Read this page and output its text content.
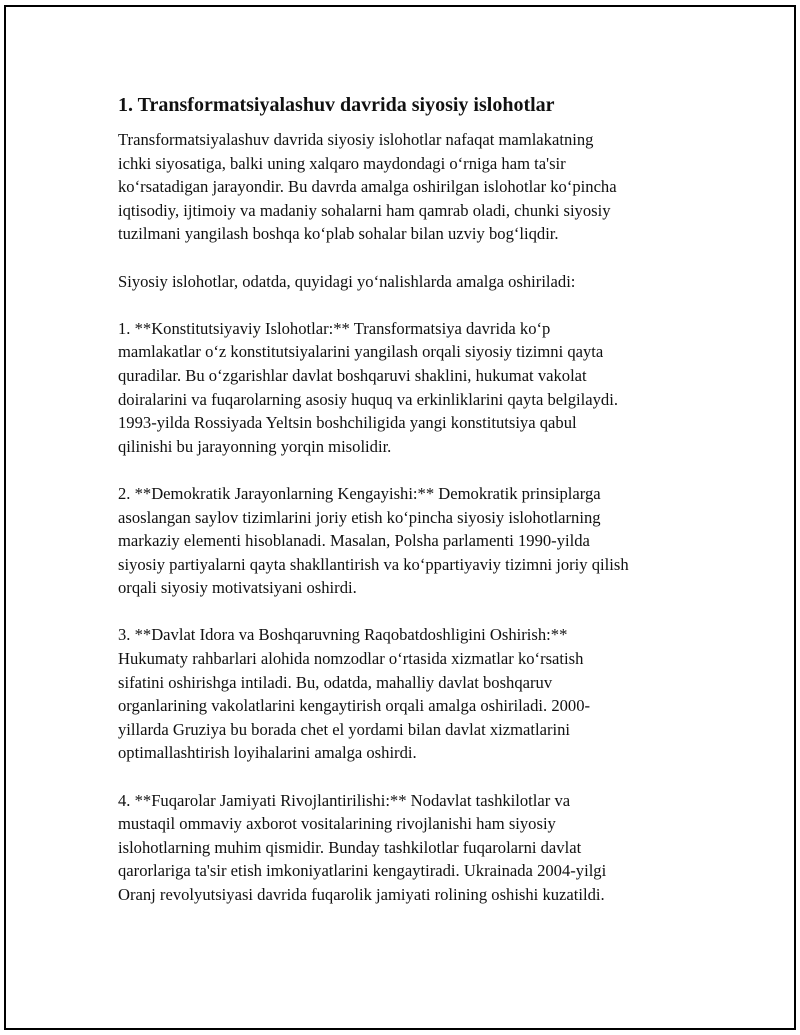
1. Transformatsiyalashuv davrida siyosiy islohotlar

Transformatsiyalashuv davrida siyosiy islohotlar nafaqat mamlakatning
ichki siyosatiga, balki uning xalqaro maydondagi oʻrniga ham ta'sir
koʻrsatadigan jarayondir. Bu davrda amalga oshirilgan islohotlar koʻpincha
iqtisodiy, ijtimoiy va madaniy sohalarni ham qamrab oladi, chunki siyosiy
tuzilmani yangilash boshqa koʻplab sohalar bilan uzviy bogʻliqdir.

Siyosiy islohotlar, odatda, quyidagi yoʻnalishlarda amalga oshiriladi:

1. **Konstitutsiyaviy Islohotlar:** Transformatsiya davrida koʻp
mamlakatlar oʻz konstitutsiyalarini yangilash orqali siyosiy tizimni qayta
quradilar. Bu oʻzgarishlar davlat boshqaruvi shaklini, hukumat vakolat
doiralarini va fuqarolarning asosiy huquq va erkinliklarini qayta belgilaydi.
1993-yilda Rossiyada Yeltsin boshchiligida yangi konstitutsiya qabul
qilinishi bu jarayonning yorqin misolidir.

2. **Demokratik Jarayonlarning Kengayishi:** Demokratik prinsiplarga
asoslangan saylov tizimlarini joriy etish koʻpincha siyosiy islohotlarning
markaziy elementi hisoblanadi. Masalan, Polsha parlamenti 1990-yilda
siyosiy partiyalarni qayta shakllantirish va koʻppartiyaviy tizimni joriy qilish
orqali siyosiy motivatsiyani oshirdi.

3. **Davlat Idora va Boshqaruvning Raqobatdoshligini Oshirish:**
Hukumaty rahbarlari alohida nomzodlar oʻrtasida xizmatlar koʻrsatish
sifatini oshirishga intiladi. Bu, odatda, mahalliy davlat boshqaruv
organlarining vakolatlarini kengaytirish orqali amalga oshiriladi. 2000-
yillarda Gruziya bu borada chet el yordami bilan davlat xizmatlarini
optimallashtirish loyihalarini amalga oshirdi.

4. **Fuqarolar Jamiyati Rivojlantirilishi:** Nodavlat tashkilotlar va
mustaqil ommaviy axborot vositalarining rivojlanishi ham siyosiy
islohotlarning muhim qismidir. Bunday tashkilotlar fuqarolarni davlat
qarorlariga ta'sir etish imkoniyatlarini kengaytiradi. Ukrainada 2004-yilgi
Oranj revolyutsiyasi davrida fuqarolik jamiyati rolining oshishi kuzatildi.
